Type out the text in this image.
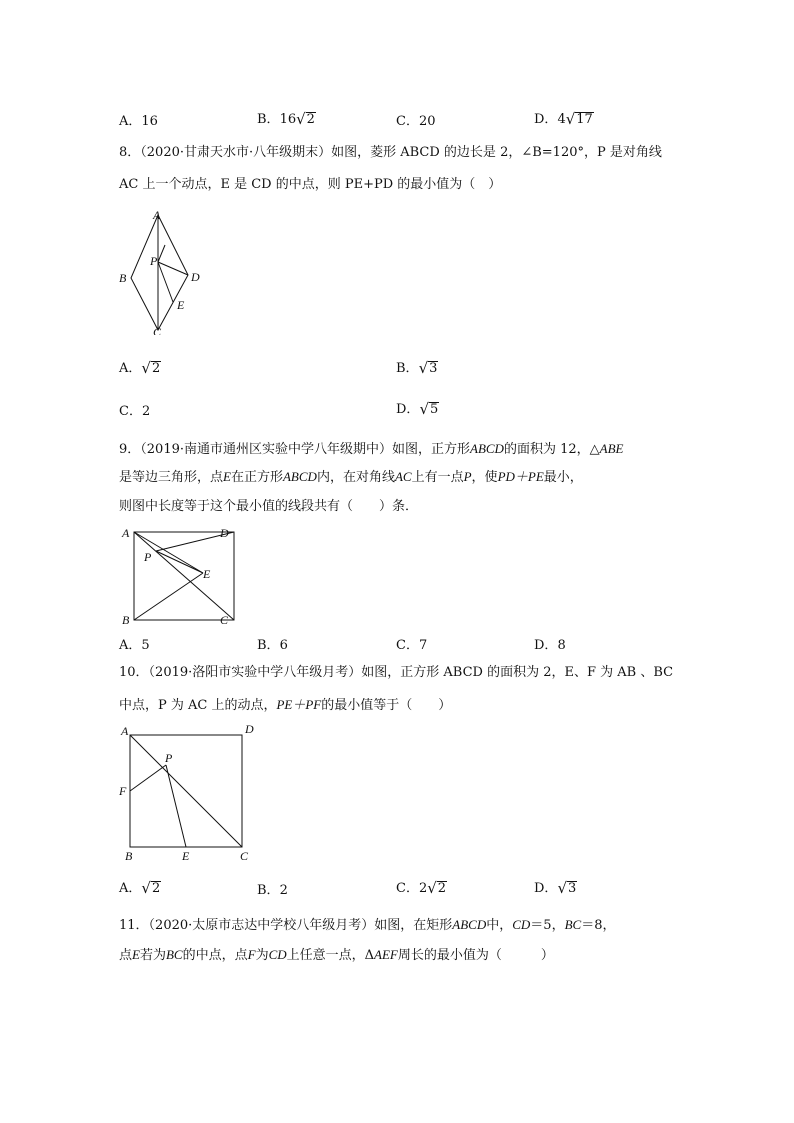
A．16	B．16√2	C．20	D．4√17
8．（2020·甘肃天水市·八年级期末）如图，菱形 ABCD 的边长是 2，∠B=120°，P 是对角线
AC 上一个动点，E 是 CD 的中点，则 PE+PD 的最小值为（　）
A
B
C
D
P
E
A．√2	B．√3
C．2	D．√5
9．（2019·南通市通州区实验中学八年级期中）如图，正方形ABCD的面积为 12，△ABE
是等边三角形，点E在正方形ABCD内，在对角线AC上有一点P，使PD＋PE最小，
则图中长度等于这个最小值的线段共有（　　）条．
A	D
B	C
P
E
A．5	B．6	C．7	D．8
10．（2019·洛阳市实验中学八年级月考）如图，正方形 ABCD 的面积为 2，E、F 为 AB 、BC
中点，P 为 AC 上的动点，PE＋PF的最小值等于（　　）
A	D
P
F
B	E	C
A．√2	B．2	C．2√2	D．√3
11．（2020·太原市志达中学校八年级月考）如图，在矩形ABCD中，CD＝5，BC＝8，
点E若为BC的中点，点F为CD上任意一点，ΔAEF周长的最小值为（　　　）
